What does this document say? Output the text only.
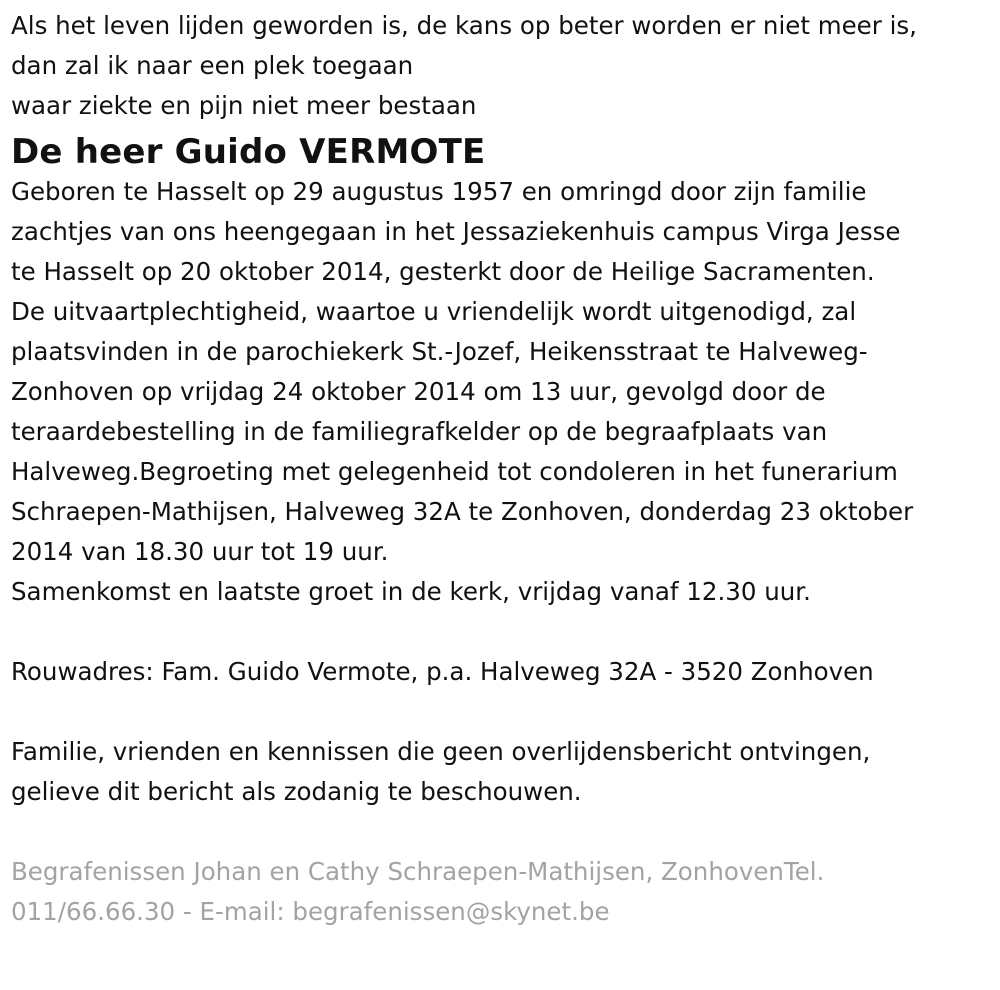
Als het leven lijden geworden is, de kans op beter worden er niet meer is,

dan zal ik naar een plek toegaan

waar ziekte en pijn niet meer bestaan

De heer Guido VERMOTE

Geboren te Hasselt op 29 augustus 1957 en omringd door zijn familie

zachtjes van ons heengegaan in het Jessaziekenhuis campus Virga Jesse

te Hasselt op 20 oktober 2014, gesterkt door de Heilige Sacramenten.

De uitvaartplechtigheid, waartoe u vriendelijk wordt uitgenodigd, zal

plaatsvinden in de parochiekerk St.-Jozef, Heikensstraat te Halveweg-

Zonhoven op vrijdag 24 oktober 2014 om 13 uur, gevolgd door de

teraardebestelling in de familiegrafkelder op de begraafplaats van

Halveweg.Begroeting met gelegenheid tot condoleren in het funerarium

Schraepen-Mathijsen, Halveweg 32A te Zonhoven, donderdag 23 oktober

2014 van 18.30 uur tot 19 uur.

Samenkomst en laatste groet in de kerk, vrijdag vanaf 12.30 uur.

Rouwadres: Fam. Guido Vermote, p.a. Halveweg 32A - 3520 Zonhoven

Familie, vrienden en kennissen die geen overlijdensbericht ontvingen,

gelieve dit bericht als zodanig te beschouwen.

Begrafenissen Johan en Cathy Schraepen-Mathijsen, ZonhovenTel.

011/66.66.30 - E-mail: begrafenissen@skynet.be
